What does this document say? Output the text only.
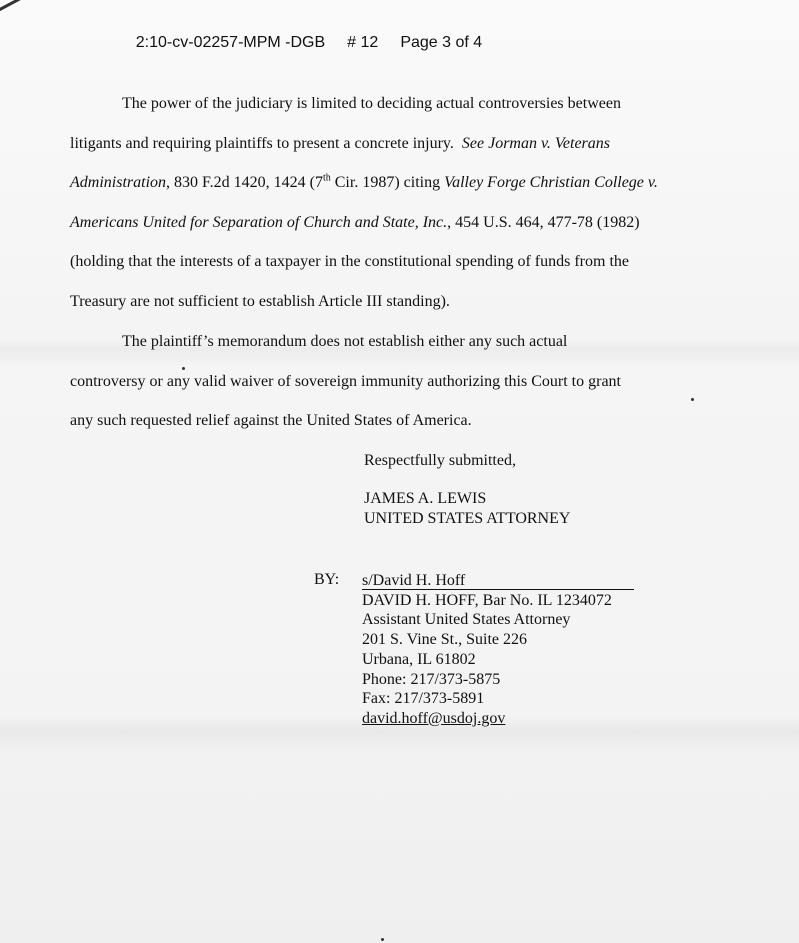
2:10-cv-02257-MPM -DGB # 12 Page 3 of 4

The power of the judiciary is limited to deciding actual controversies between
litigants and requiring plaintiffs to present a concrete injury. See Jorman v. Veterans
Administration, 830 F.2d 1420, 1424 (7th Cir. 1987) citing Valley Forge Christian College v.
Americans United for Separation of Church and State, Inc., 454 U.S. 464, 477-78 (1982)
(holding that the interests of a taxpayer in the constitutional spending of funds from the
Treasury are not sufficient to establish Article III standing).
The plaintiff’s memorandum does not establish either any such actual
controversy or any valid waiver of sovereign immunity authorizing this Court to grant
any such requested relief against the United States of America.
Respectfully submitted,
JAMES A. LEWIS
UNITED STATES ATTORNEY
BY: s/David H. Hoff
DAVID H. HOFF, Bar No. IL 1234072
Assistant United States Attorney
201 S. Vine St., Suite 226
Urbana, IL 61802
Phone: 217/373-5875
Fax: 217/373-5891
david.hoff@usdoj.gov
